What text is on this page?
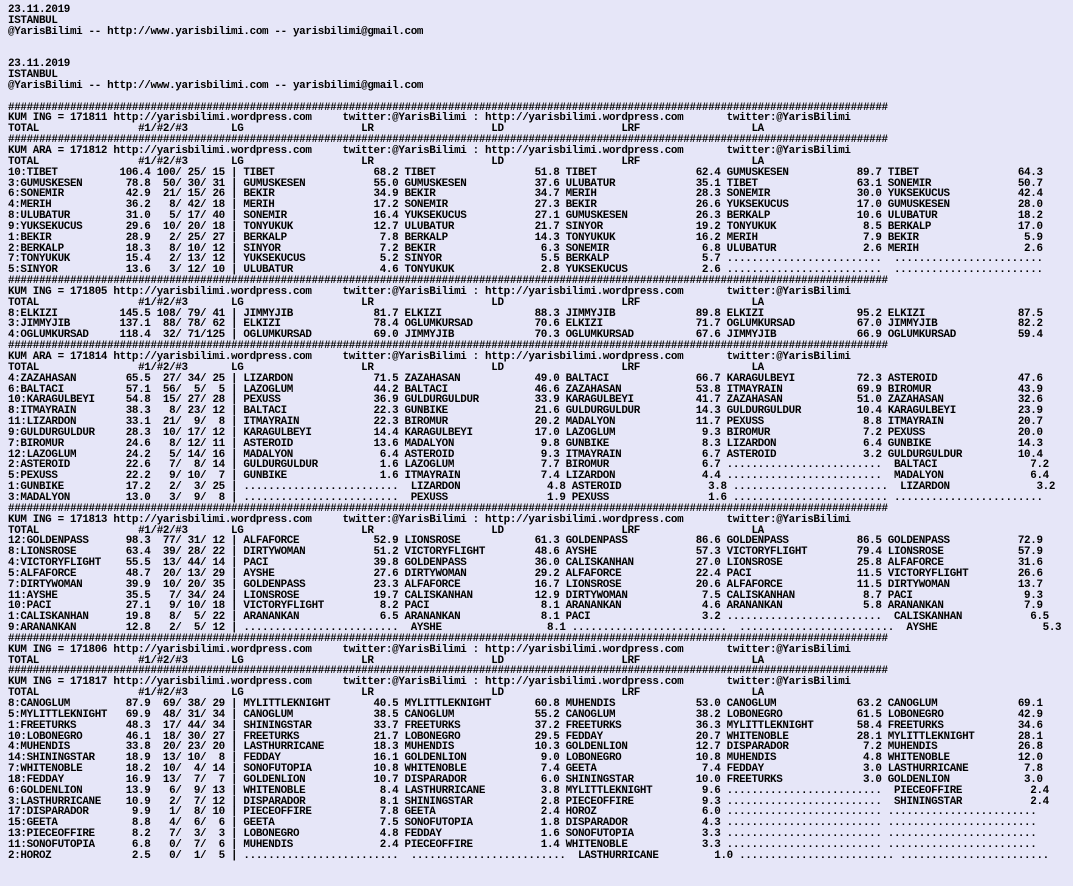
23.11.2019
ISTANBUL
@YarisBilimi -- http://www.yarisbilimi.com -- yarisbilimi@gmail.com

23.11.2019
ISTANBUL
@YarisBilimi -- http://www.yarisbilimi.com -- yarisbilimi@gmail.com

##############################################################################################################################################
KUM ING = 171811 http://yarisbilimi.wordpress.com     twitter:@YarisBilimi : http://yarisbilimi.wordpress.com       twitter:@YarisBilimi
TOTAL                #1/#2/#3       LG                   LR                   LD                   LRF                  LA
##############################################################################################################################################
KUM ARA = 171812 http://yarisbilimi.wordpress.com     twitter:@YarisBilimi : http://yarisbilimi.wordpress.com       twitter:@YarisBilimi
TOTAL                #1/#2/#3       LG                   LR                   LD                   LRF                  LA
10:TIBET          106.4 100/ 25/ 15 | TIBET                68.2 TIBET                51.8 TIBET                62.4 GUMUSKESEN           89.7 TIBET                64.3
3:GUMUSKESEN       78.8  50/ 30/ 31 | GUMUSKESEN           55.0 GUMUSKESEN           37.6 ULUBATUR             35.1 TIBET                63.1 SONEMIR              50.7
6:SONEMIR          42.9  21/ 15/ 26 | BEKIR                34.9 BEKIR                34.7 MERIH                28.3 SONEMIR              30.0 YUKSEKUCUS           42.4
4:MERIH            36.2   8/ 42/ 18 | MERIH                17.2 SONEMIR              27.3 BEKIR                26.6 YUKSEKUCUS           17.0 GUMUSKESEN           28.0
8:ULUBATUR         31.0   5/ 17/ 40 | SONEMIR              16.4 YUKSEKUCUS           27.1 GUMUSKESEN           26.3 BERKALP              10.6 ULUBATUR             18.2
9:YUKSEKUCUS       29.6  10/ 20/ 18 | TONYUKUK             12.7 ULUBATUR             21.7 SINYOR               19.2 TONYUKUK              8.5 BERKALP              17.0
1:BEKIR            28.9   2/ 25/ 27 | BERKALP               7.8 BERKALP              14.3 TONYUKUK             16.2 MERIH                 7.9 BEKIR                 5.9
2:BERKALP          18.3   8/ 10/ 12 | SINYOR                7.2 BEKIR                 6.3 SONEMIR               6.8 ULUBATUR              2.6 MERIH                 2.6
7:TONYUKUK         15.4   2/ 13/ 12 | YUKSEKUCUS            5.2 SINYOR                5.5 BERKALP               5.7 .........................  ........................
5:SINYOR           13.6   3/ 12/ 10 | ULUBATUR              4.6 TONYUKUK              2.8 YUKSEKUCUS            2.6 .........................  ........................
##############################################################################################################################################
KUM ING = 171805 http://yarisbilimi.wordpress.com     twitter:@YarisBilimi : http://yarisbilimi.wordpress.com       twitter:@YarisBilimi
TOTAL                #1/#2/#3       LG                   LR                   LD                   LRF                  LA
8:ELKIZI          145.5 108/ 79/ 41 | JIMMYJIB             81.7 ELKIZI               88.3 JIMMYJIB             89.8 ELKIZI               95.2 ELKIZI               87.5
3:JIMMYJIB        137.1  88/ 78/ 62 | ELKIZI               78.4 OGLUMKURSAD          70.6 ELKIZI               71.7 OGLUMKURSAD          67.0 JIMMYJIB             82.2
4:OGLUMKURSAD     118.4  32/ 71/125 | OGLUMKURSAD          69.0 JIMMYJIB             70.3 OGLUMKURSAD          67.6 JIMMYJIB             66.9 OGLUMKURSAD          59.4
##############################################################################################################################################
KUM ARA = 171814 http://yarisbilimi.wordpress.com     twitter:@YarisBilimi : http://yarisbilimi.wordpress.com       twitter:@YarisBilimi
TOTAL                #1/#2/#3       LG                   LR                   LD                   LRF                  LA
4:ZAZAHASAN        65.5  27/ 34/ 25 | LIZARDON             71.5 ZAZAHASAN            49.0 BALTACI              66.7 KARAGULBEYI          72.3 ASTEROID             47.6
6:BALTACI          57.1  56/  5/  5 | LAZOGLUM             44.2 BALTACI              46.6 ZAZAHASAN            53.8 ITMAYRAIN            69.9 BIROMUR              43.9
10:KARAGULBEYI     54.8  15/ 27/ 28 | PEXUSS               36.9 GULDURGULDUR         33.9 KARAGULBEYI          41.7 ZAZAHASAN            51.0 ZAZAHASAN            32.6
8:ITMAYRAIN        38.3   8/ 23/ 12 | BALTACI              22.3 GUNBIKE              21.6 GULDURGULDUR         14.3 GULDURGULDUR         10.4 KARAGULBEYI          23.9
11:LIZARDON        33.1  21/  9/  8 | ITMAYRAIN            22.3 BIROMUR              20.2 MADALYON             11.7 PEXUSS                8.8 ITMAYRAIN            20.7
9:GULDURGULDUR     28.3  10/ 17/ 12 | KARAGULBEYI          14.4 KARAGULBEYI          17.0 LAZOGLUM              9.3 BIROMUR               7.2 PEXUSS               20.0
7:BIROMUR          24.6   8/ 12/ 11 | ASTEROID             13.6 MADALYON              9.8 GUNBIKE               8.3 LIZARDON              6.4 GUNBIKE              14.3
12:LAZOGLUM        24.2   5/ 14/ 16 | MADALYON              6.4 ASTEROID              9.3 ITMAYRAIN             6.7 ASTEROID              3.2 GULDURGULDUR         10.4
2:ASTEROID         22.6   7/  8/ 14 | GULDURGULDUR          1.6 LAZOGLUM              7.7 BIROMUR               6.7 .........................  BALTACI               7.2
5:PEXUSS           22.2   9/ 10/  7 | GUNBIKE               1.6 ITMAYRAIN             7.4 LIZARDON              4.4 .........................  MADALYON              6.4
1:GUNBIKE          17.2   2/  3/ 25 | .........................  LIZARDON              4.8 ASTEROID              3.8 .........................  LIZARDON              3.2
3:MADALYON         13.0   3/  9/  8 | .........................  PEXUSS                1.9 PEXUSS                1.6 ......................... ........................
##############################################################################################################################################
KUM ING = 171813 http://yarisbilimi.wordpress.com     twitter:@YarisBilimi : http://yarisbilimi.wordpress.com       twitter:@YarisBilimi
TOTAL                #1/#2/#3       LG                   LR                   LD                   LRF                  LA
12:GOLDENPASS      98.3  77/ 31/ 12 | ALFAFORCE            52.9 LIONSROSE            61.3 GOLDENPASS           86.6 GOLDENPASS           86.5 GOLDENPASS           72.9
8:LIONSROSE        63.4  39/ 28/ 22 | DIRTYWOMAN           51.2 VICTORYFLIGHT        48.6 AYSHE                57.3 VICTORYFLIGHT        79.4 LIONSROSE            57.9
4:VICTORYFLIGHT    55.5  13/ 44/ 14 | PACI                 39.8 GOLDENPASS           36.0 CALISKANHAN          27.0 LIONSROSE            25.8 ALFAFORCE            31.6
5:ALFAFORCE        48.7  20/ 13/ 29 | AYSHE                27.6 DIRTYWOMAN           29.2 ALFAFORCE            22.4 PACI                 11.5 VICTORYFLIGHT        26.6
7:DIRTYWOMAN       39.9  10/ 20/ 35 | GOLDENPASS           23.3 ALFAFORCE            16.7 LIONSROSE            20.6 ALFAFORCE            11.5 DIRTYWOMAN           13.7
11:AYSHE           35.5   7/ 34/ 24 | LIONSROSE            19.7 CALISKANHAN          12.9 DIRTYWOMAN            7.5 CALISKANHAN           8.7 PACI                  9.3
10:PACI            27.1   9/ 10/ 18 | VICTORYFLIGHT         8.2 PACI                  8.1 ARANANKAN             4.6 ARANANKAN             5.8 ARANANKAN             7.9
1:CALISKANHAN      19.8   8/  5/ 22 | ARANANKAN             6.5 ARANANKAN             8.1 PACI                  3.2 .........................  CALISKANHAN           6.5
9:ARANANKAN        12.8   2/  5/ 12 | .........................  AYSHE                 8.1 .........................  .........................  AYSHE                 5.3
##############################################################################################################################################
KUM ING = 171806 http://yarisbilimi.wordpress.com     twitter:@YarisBilimi : http://yarisbilimi.wordpress.com       twitter:@YarisBilimi
TOTAL                #1/#2/#3       LG                   LR                   LD                   LRF                  LA
##############################################################################################################################################
KUM ING = 171817 http://yarisbilimi.wordpress.com     twitter:@YarisBilimi : http://yarisbilimi.wordpress.com       twitter:@YarisBilimi
TOTAL                #1/#2/#3       LG                   LR                   LD                   LRF                  LA
8:CANOGLUM         87.9  69/ 38/ 29 | MYLITTLEKNIGHT       40.5 MYLITTLEKNIGHT       60.8 MUHENDIS             53.0 CANOGLUM             63.2 CANOGLUM             69.1
5:MYLITTLEKNIGHT   69.9  48/ 31/ 34 | CANOGLUM             38.5 CANOGLUM             55.2 CANOGLUM             38.2 LOBONEGRO            61.5 LOBONEGRO            42.9
1:FREETURKS        48.3  17/ 44/ 34 | SHININGSTAR          33.7 FREETURKS            37.2 FREETURKS            36.3 MYLITTLEKNIGHT       58.4 FREETURKS            34.6
10:LOBONEGRO       46.1  18/ 30/ 27 | FREETURKS            21.7 LOBONEGRO            29.5 FEDDAY               20.7 WHITENOBLE           28.1 MYLITTLEKNIGHT       28.1
4:MUHENDIS         33.8  20/ 23/ 20 | LASTHURRICANE        18.3 MUHENDIS             10.3 GOLDENLION           12.7 DISPARADOR            7.2 MUHENDIS             26.8
14:SHININGSTAR     18.9  13/ 10/  8 | FEDDAY               16.1 GOLDENLION            9.0 LOBONEGRO            10.8 MUHENDIS              4.8 WHITENOBLE           12.0
7:WHITENOBLE       18.2  10/  4/ 14 | SONOFUTOPIA          10.8 WHITENOBLE            7.4 GEETA                 7.4 FEDDAY                3.0 LASTHURRICANE         7.8
18:FEDDAY          16.9  13/  7/  7 | GOLDENLION           10.7 DISPARADOR            6.0 SHININGSTAR          10.0 FREETURKS             3.0 GOLDENLION            3.0
6:GOLDENLION       13.9   6/  9/ 13 | WHITENOBLE            8.4 LASTHURRICANE         3.8 MYLITTLEKNIGHT        9.6 .........................  PIECEOFFIRE           2.4
3:LASTHURRICANE    10.9   2/  7/ 12 | DISPARADOR            8.1 SHININGSTAR           2.8 PIECEOFFIRE           9.3 .........................  SHININGSTAR           2.4
17:DISPARADOR       9.9   1/  8/ 10 | PIECEOFFIRE           7.8 GEETA                 2.4 HOROZ                 6.0 ......................... ........................
15:GEETA            8.8   4/  6/  6 | GEETA                 7.5 SONOFUTOPIA           1.8 DISPARADOR            4.3 ......................... ........................
13:PIECEOFFIRE      8.2   7/  3/  3 | LOBONEGRO             4.8 FEDDAY                1.6 SONOFUTOPIA           3.3 ......................... ........................
11:SONOFUTOPIA      6.8   0/  7/  6 | MUHENDIS              2.4 PIECEOFFIRE           1.4 WHITENOBLE            3.3 ......................... ........................
2:HOROZ             2.5   0/  1/  5 | .........................  .........................  LASTHURRICANE         1.0 ......................... ........................
